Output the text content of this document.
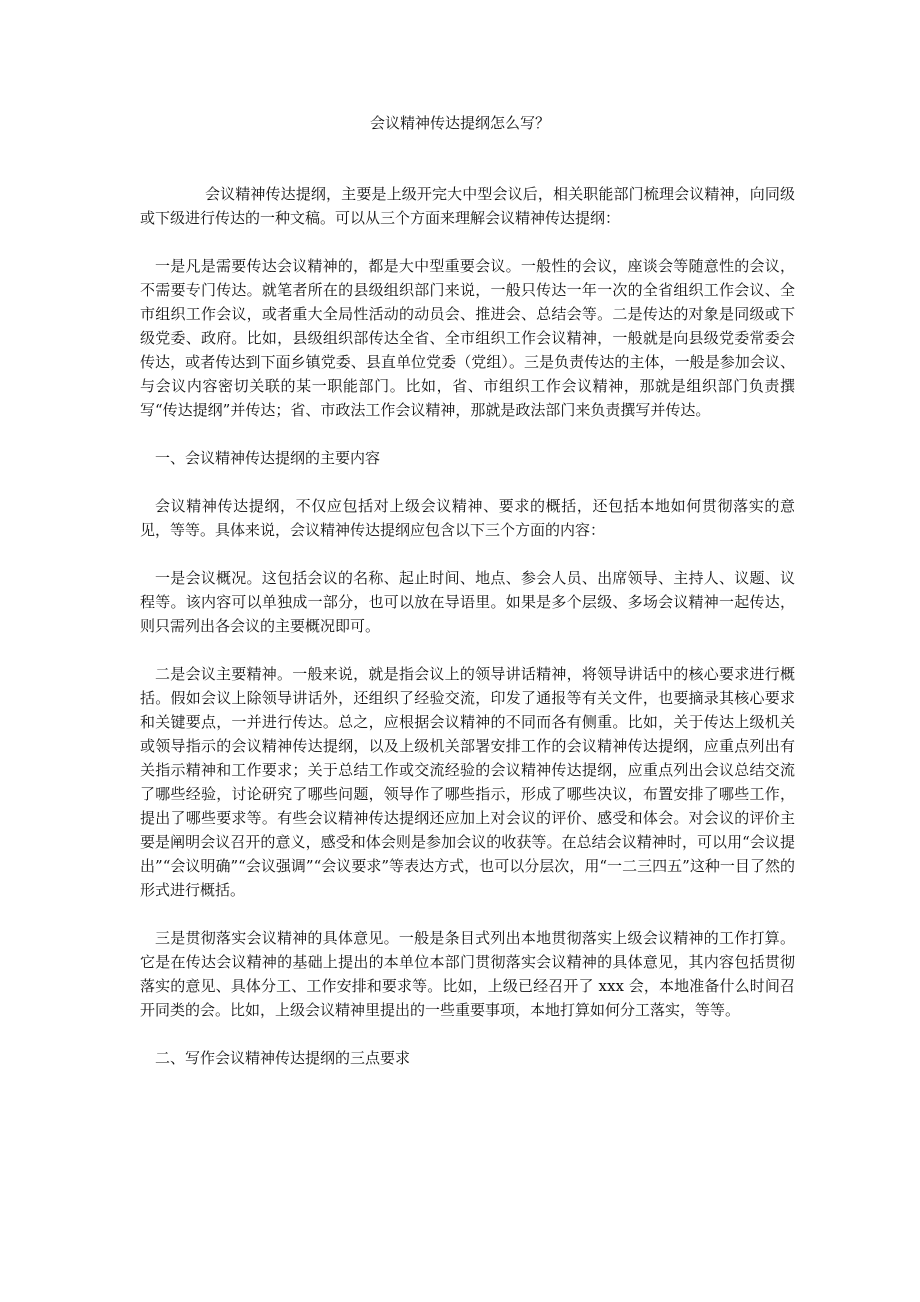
会议精神传达提纲怎么写？

会议精神传达提纲，主要是上级开完大中型会议后，相关职能部门梳理会议精神，向同级或下级进行传达的一种文稿。可以从三个方面来理解会议精神传达提纲：

一是凡是需要传达会议精神的，都是大中型重要会议。一般性的会议，座谈会等随意性的会议，不需要专门传达。就笔者所在的县级组织部门来说，一般只传达一年一次的全省组织工作会议、全市组织工作会议，或者重大全局性活动的动员会、推进会、总结会等。二是传达的对象是同级或下级党委、政府。比如，县级组织部传达全省、全市组织工作会议精神，一般就是向县级党委常委会传达，或者传达到下面乡镇党委、县直单位党委（党组）。三是负责传达的主体，一般是参加会议、与会议内容密切关联的某一职能部门。比如，省、市组织工作会议精神，那就是组织部门负责撰写“传达提纲”并传达；省、市政法工作会议精神，那就是政法部门来负责撰写并传达。

一、会议精神传达提纲的主要内容

会议精神传达提纲，不仅应包括对上级会议精神、要求的概括，还包括本地如何贯彻落实的意见，等等。具体来说，会议精神传达提纲应包含以下三个方面的内容：

一是会议概况。这包括会议的名称、起止时间、地点、参会人员、出席领导、主持人、议题、议程等。该内容可以单独成一部分，也可以放在导语里。如果是多个层级、多场会议精神一起传达，则只需列出各会议的主要概况即可。

二是会议主要精神。一般来说，就是指会议上的领导讲话精神，将领导讲话中的核心要求进行概括。假如会议上除领导讲话外，还组织了经验交流，印发了通报等有关文件，也要摘录其核心要求和关键要点，一并进行传达。总之，应根据会议精神的不同而各有侧重。比如，关于传达上级机关或领导指示的会议精神传达提纲，以及上级机关部署安排工作的会议精神传达提纲，应重点列出有关指示精神和工作要求；关于总结工作或交流经验的会议精神传达提纲，应重点列出会议总结交流了哪些经验，讨论研究了哪些问题，领导作了哪些指示，形成了哪些决议，布置安排了哪些工作，提出了哪些要求等。有些会议精神传达提纲还应加上对会议的评价、感受和体会。对会议的评价主要是阐明会议召开的意义，感受和体会则是参加会议的收获等。在总结会议精神时，可以用“会议提出”“会议明确”“会议强调”“会议要求”等表达方式，也可以分层次，用“一二三四五”这种一目了然的形式进行概括。

三是贯彻落实会议精神的具体意见。一般是条目式列出本地贯彻落实上级会议精神的工作打算。它是在传达会议精神的基础上提出的本单位本部门贯彻落实会议精神的具体意见，其内容包括贯彻落实的意见、具体分工、工作安排和要求等。比如，上级已经召开了 xxx 会，本地准备什么时间召开同类的会。比如，上级会议精神里提出的一些重要事项，本地打算如何分工落实，等等。

二、写作会议精神传达提纲的三点要求
